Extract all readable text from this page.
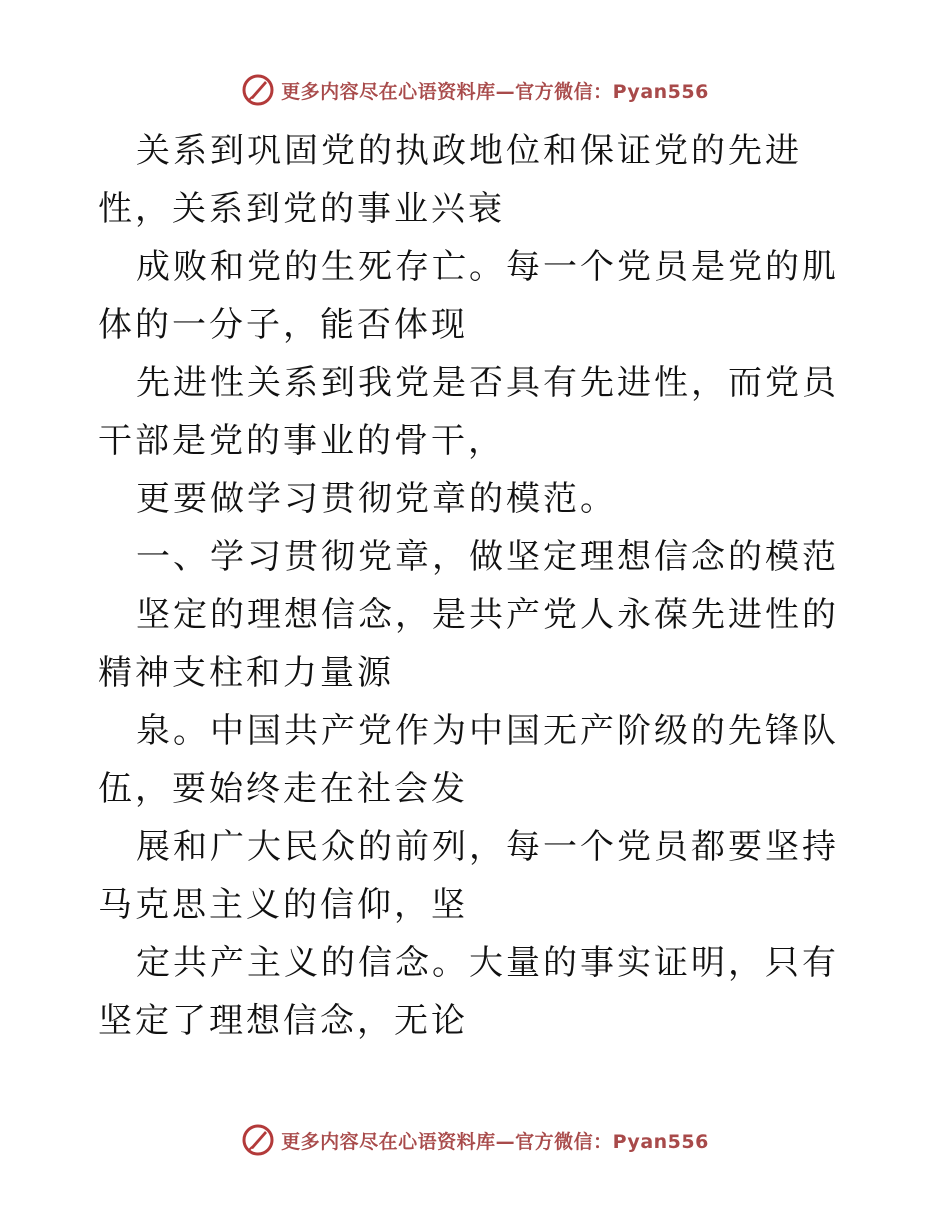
更多内容尽在心语资料库—官方微信：Pyan556

关系到巩固党的执政地位和保证党的先进性，关系到党的事业兴衰

成败和党的生死存亡。每一个党员是党的肌体的一分子，能否体现

先进性关系到我党是否具有先进性，而党员干部是党的事业的骨干，

更要做学习贯彻党章的模范。

一、学习贯彻党章，做坚定理想信念的模范

坚定的理想信念，是共产党人永葆先进性的精神支柱和力量源

泉。中国共产党作为中国无产阶级的先锋队伍，要始终走在社会发

展和广大民众的前列，每一个党员都要坚持马克思主义的信仰，坚

定共产主义的信念。大量的事实证明，只有坚定了理想信念，无论

更多内容尽在心语资料库—官方微信：Pyan556
